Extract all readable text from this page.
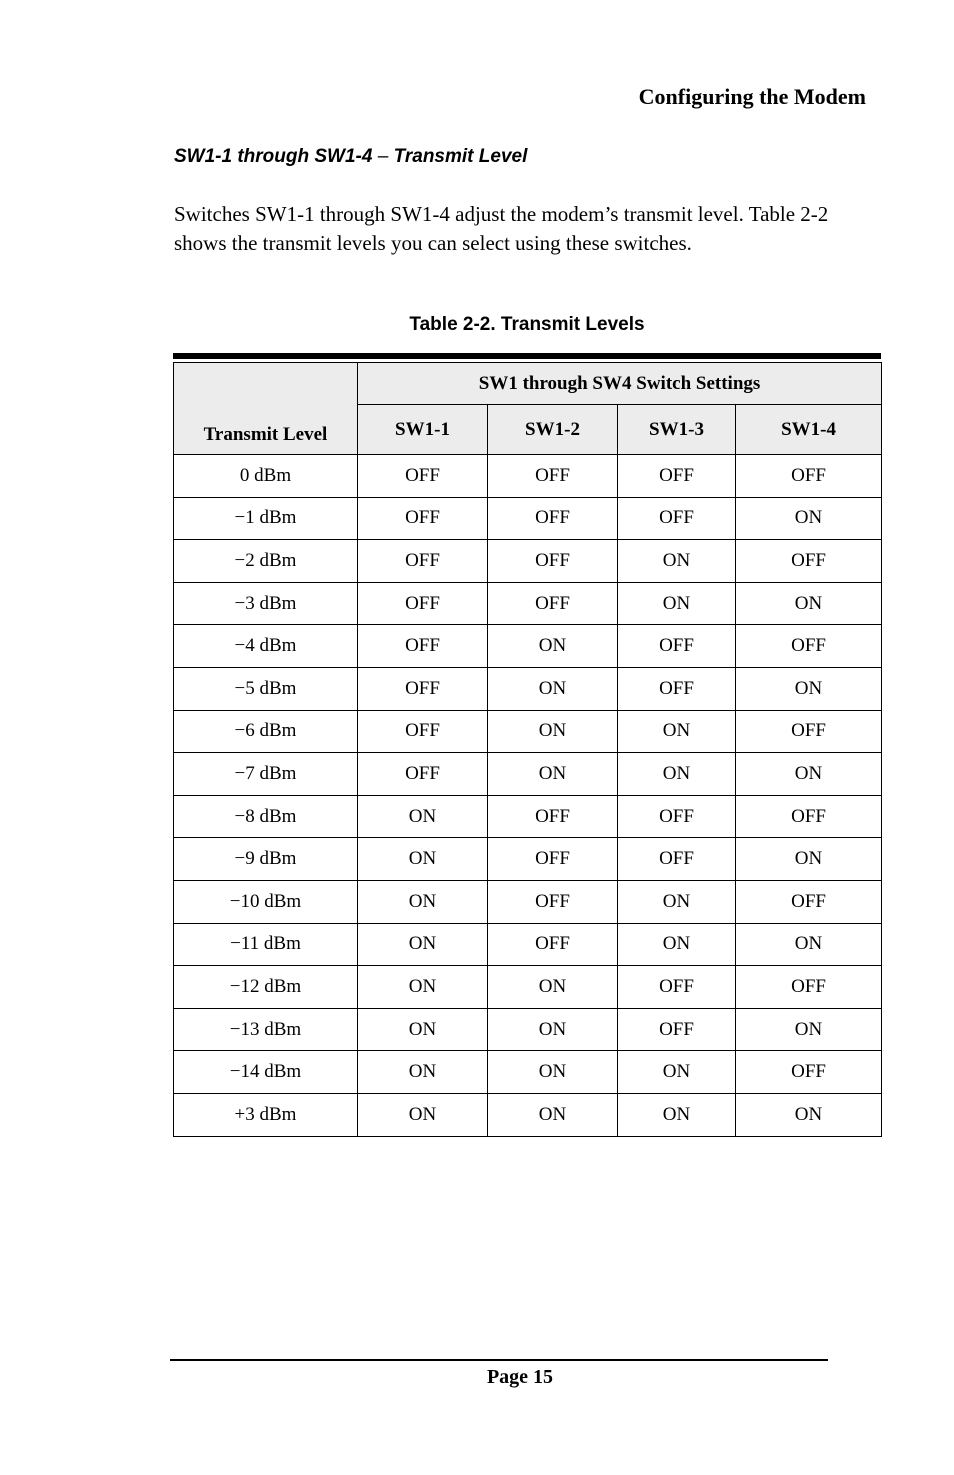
Configuring the Modem
SW1-1 through SW1-4 – Transmit Level

Switches SW1-1 through SW1-4 adjust the modem’s transmit level. Table 2-2 shows the transmit levels you can select using these switches.

Table 2-2. Transmit Levels
Transmit Level	SW1 through SW4 Switch Settings			
	SW1-1	SW1-2	SW1-3	SW1-4
0 dBm	OFF	OFF	OFF	OFF
−1 dBm	OFF	OFF	OFF	ON
−2 dBm	OFF	OFF	ON	OFF
−3 dBm	OFF	OFF	ON	ON
−4 dBm	OFF	ON	OFF	OFF
−5 dBm	OFF	ON	OFF	ON
−6 dBm	OFF	ON	ON	OFF
−7 dBm	OFF	ON	ON	ON
−8 dBm	ON	OFF	OFF	OFF
−9 dBm	ON	OFF	OFF	ON
−10 dBm	ON	OFF	ON	OFF
−11 dBm	ON	OFF	ON	ON
−12 dBm	ON	ON	OFF	OFF
−13 dBm	ON	ON	OFF	ON
−14 dBm	ON	ON	ON	OFF
+3 dBm	ON	ON	ON	ON
Page 15
